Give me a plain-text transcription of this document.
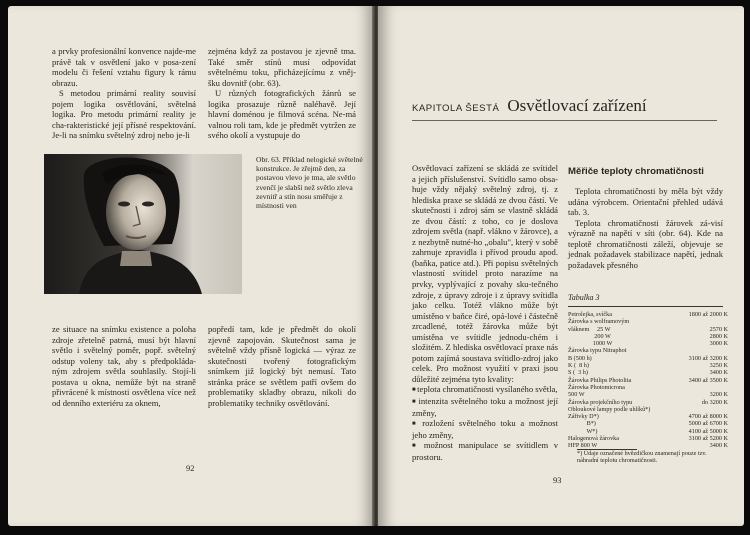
a prvky profesionální konvence najde-me právě tak v osvětlení jako v posa-zení modelu či řešení vztahu figury k rámu obrazu.

S metodou primární reality souvisí pojem logika osvětlování, světelná logika. Pro metodu primární reality je cha-rakteristické její přísné respektování. Je-li na snímku světelný zdroj nebo je-li

zejména když za postavou je zjevně tma. Také směr stínů musí odpovídat světelnému toku, přicházejícímu z vněj-šku dovnitř (obr. 63).

U různých fotografických žánrů se logika prosazuje různě naléhavě. Její hlavní doménou je filmová scéna. Ne-má valnou roli tam, kde je předmět vytržen ze svého okolí a vystupuje do

Obr. 63. Příklad nelogické světelné konstrukce. Je zřejmě den, za postavou vlevo je tma, ale světlo zvenčí je slabší než světlo zleva zevnitř a stín nosu směřuje z místnosti ven

ze situace na snímku existence a poloha zdroje zřetelně patrná, musí být hlavní světlo i světelný poměr, popř. světelný odstup voleny tak, aby s předpokláda-ným zdrojem světla souhlasily. Stojí-li postava u okna, nemůže být na straně přivrácené k místnosti osvětlena více než od denního exteriéru za oknem,

popředí tam, kde je předmět do okolí zjevně zapojován. Skutečnost sama je světelně vždy přísně logická — výraz ze skutečnosti tvořený fotografickým snímkem již logický být nemusí. Tato stránka práce se světlem patří ovšem do problematiky skladby obrazu, nikoli do problematiky techniky osvětlování.

92
KAPITOLA ŠESTÁ Osvětlovací zařízení

Osvětlovací zařízení se skládá ze svítidel a jejich příslušenství. Svítidlo samo obsa-huje vždy nějaký světelný zdroj, tj. z hlediska praxe se skládá ze dvou částí. Ve skutečnosti i zdroj sám se vlastně skládá ze dvou částí: z toho, co je doslova zdrojem světla (např. vlákno v žárovce), a z nezbytně nutné-ho „obalu", který v sobě zahrnuje zpravidla i přívod proudu apod. (baňka, patice atd.). Při popisu světelných vlastností svítidel proto narazíme na prvky, vyplývající z povahy sku-tečného zdroje, z úpravy zdroje i z úpravy svítidla jako celku. Totéž vlákno může být umístěno v baňce čiré, opá-lové i částečně zrcadlené, totéž žárovka může být umístěna ve svítidle jednodu-chém i složitém. Z hlediska osvětlovací praxe nás potom zajímá soustava svítidlo-zdroj jako celek. Pro možnost využití v praxi jsou důležité zejména tyto kvality:

■ teplota chromatičnosti vysílaného světla,
■ intenzita světelného toku a možnost její změny,
■ rozložení světelného toku a možnost jeho změny,
■ možnost manipulace se svítidlem v prostoru.
Měřiče teploty chromatičnosti

Teplota chromatičnosti by měla být vždy udána výrobcem. Orientační přehled udává tab. 3.

Teplota chromatičnosti žárovek zá-visí výrazně na napětí v síti (obr. 64). Kde na teplotě chromatičnosti záleží, objevuje se jednak požadavek stabilizace napětí, jednak požadavek přesného

Tabulka 3
Petrolejka, svíčka	1800 až 2000 K
Žárovka s wolframovým
vláknem     25 W	2570 K
200 W	2800 K
1000 W	3000 K
Žárovka typu Nitraphot
B (500 h)	3100 až 3200 K
K (  8 h)	3250 K
S (  3 h)	3400 K
Žárovka Philips Photolita	3400 až 3500 K
Žárovka Photomicrona
500 W	3200 K
Žárovka projekčního typu	do 3200 K
Obloukové lampy podle uhlíků*)
Zářivky D*)	4700 až 8000 K
B*)	5000 až 6700 K
W*)	4100 až 5000 K
Halogenová žárovka	3100 až 5200 K
HFP 800 W	3400 K
*) Údaje označené hvězdičkou znamenají pouze tzv. náhradní teplotu chromatičnosti.
93
